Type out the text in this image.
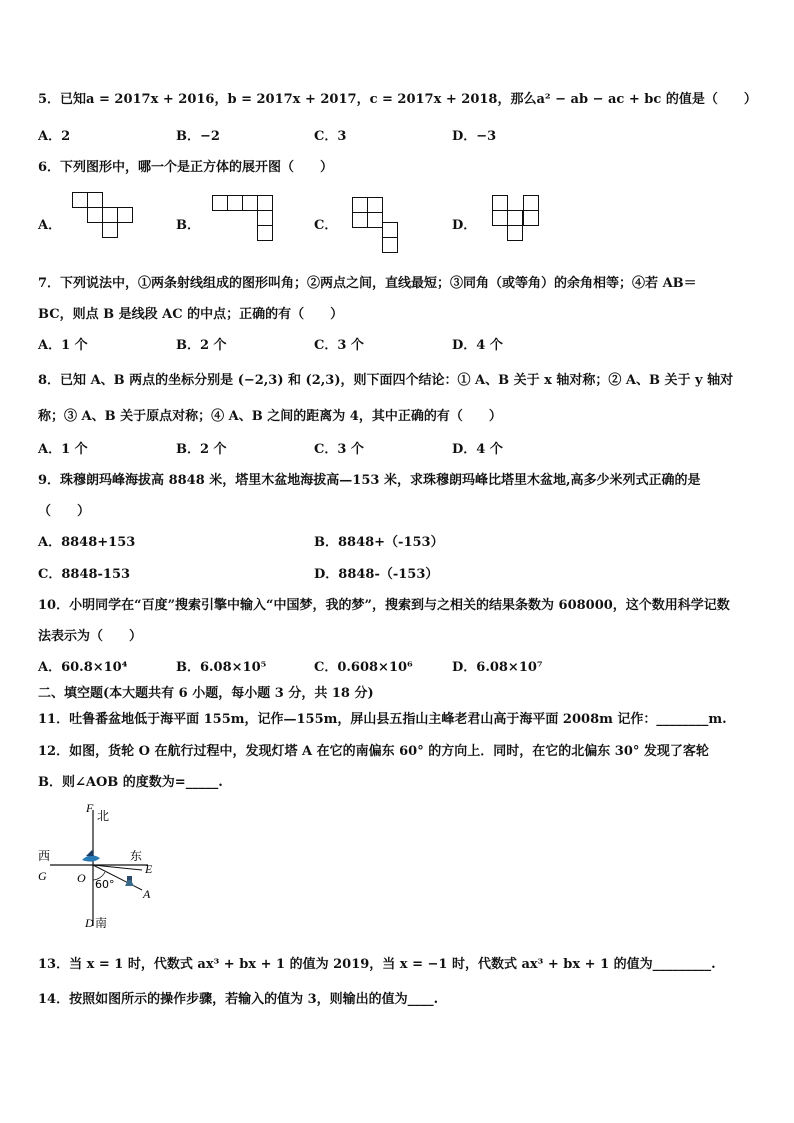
5．已知a = 2017x + 2016，b = 2017x + 2017，c = 2017x + 2018，那么a² − ab − ac + bc 的值是（　　）
A．2	B．−2	C．3	D．−3
6．下列图形中，哪一个是正方体的展开图（　　）
A．	B．	C．	D．
7．下列说法中，①两条射线组成的图形叫角；②两点之间，直线最短；③同角（或等角）的余角相等；④若 AB＝
BC，则点 B 是线段 AC 的中点；正确的有（　　）
A．1 个	B．2 个	C．3 个	D．4 个
8．已知 A、B 两点的坐标分别是 (−2,3) 和 (2,3)，则下面四个结论：① A、B 关于 x 轴对称；② A、B 关于 y 轴对
称；③ A、B 关于原点对称；④ A、B 之间的距离为 4，其中正确的有（　　）
A．1 个	B．2 个	C．3 个	D．4 个
9．珠穆朗玛峰海拔高 8848 米，塔里木盆地海拔高—153 米，求珠穆朗玛峰比塔里木盆地,高多少米列式正确的是
（　　）
A．8848+153	B．8848+（-153）
C．8848-153	D．8848-（-153）
10．小明同学在“百度”搜索引擎中输入“中国梦，我的梦”，搜索到与之相关的结果条数为 608000，这个数用科学记数
法表示为（　　）
A．60.8×10⁴	B．6.08×10⁵	C．0.608×10⁶	D．6.08×10⁷
二、填空题(本大题共有 6 小题，每小题 3 分，共 18 分)
11．吐鲁番盆地低于海平面 155m，记作—155m，屏山县五指山主峰老君山高于海平面 2008m 记作：________m.
12．如图，货轮 O 在航行过程中，发现灯塔 A 在它的南偏东 60° 的方向上．同时，在它的北偏东 30° 发现了客轮
B．则∠AOB 的度数为=_____.
F
北
西	东
G	O
E
60°
A
D 南
13．当 x = 1 时，代数式 ax³ + bx + 1 的值为 2019，当 x = −1 时，代数式 ax³ + bx + 1 的值为_________.
14．按照如图所示的操作步骤，若输入的值为 3，则输出的值为____.
